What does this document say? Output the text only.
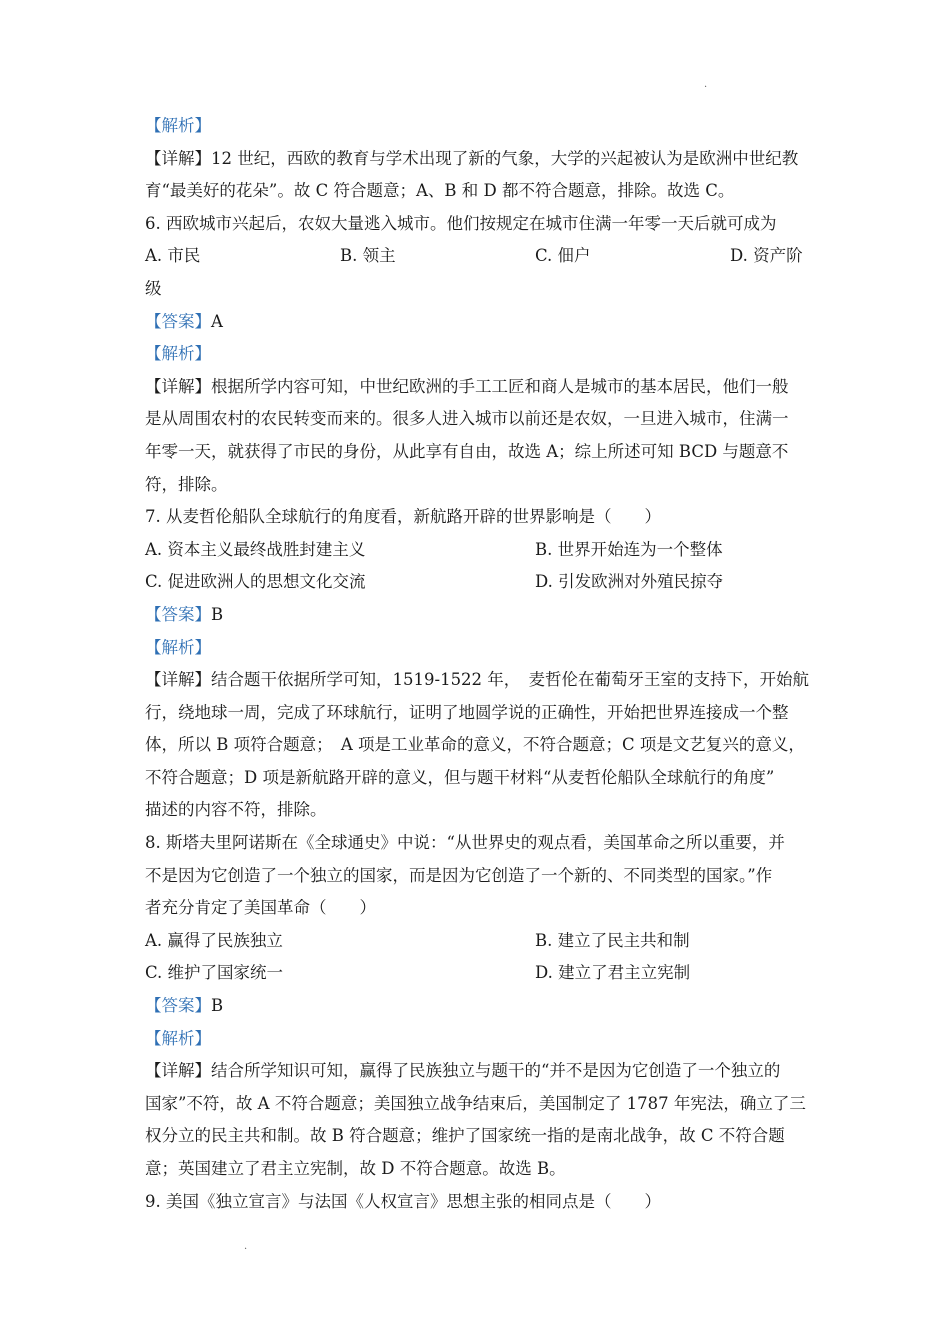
·
·
【解析】
【详解】12 世纪，西欧的教育与学术出现了新的气象，大学的兴起被认为是欧洲中世纪教
育“最美好的花朵”。故 C 符合题意；A、B 和 D 都不符合题意，排除。故选 C。
6. 西欧城市兴起后，农奴大量逃入城市。他们按规定在城市住满一年零一天后就可成为
A. 市民	B. 领主	C. 佃户	D. 资产阶
级
【答案】A
【解析】
【详解】根据所学内容可知，中世纪欧洲的手工工匠和商人是城市的基本居民，他们一般
是从周围农村的农民转变而来的。很多人进入城市以前还是农奴，一旦进入城市，住满一
年零一天，就获得了市民的身份，从此享有自由，故选 A；综上所述可知 BCD 与题意不
符，排除。
7. 从麦哲伦船队全球航行的角度看，新航路开辟的世界影响是（　　）
A. 资本主义最终战胜封建主义	B. 世界开始连为一个整体
C. 促进欧洲人的思想文化交流	D. 引发欧洲对外殖民掠夺
【答案】B
【解析】
【详解】结合题干依据所学可知，1519-1522 年，　麦哲伦在葡萄牙王室的支持下，开始航
行，绕地球一周，完成了环球航行，证明了地圆学说的正确性，开始把世界连接成一个整
体，所以 B 项符合题意；　A 项是工业革命的意义，不符合题意；C 项是文艺复兴的意义，
不符合题意；D 项是新航路开辟的意义，但与题干材料“从麦哲伦船队全球航行的角度”
描述的内容不符，排除。
8. 斯塔夫里阿诺斯在《全球通史》中说：“从世界史的观点看，美国革命之所以重要，并
不是因为它创造了一个独立的国家，而是因为它创造了一个新的、不同类型的国家。”作
者充分肯定了美国革命（　　）
A. 赢得了民族独立	B. 建立了民主共和制
C. 维护了国家统一	D. 建立了君主立宪制
【答案】B
【解析】
【详解】结合所学知识可知，赢得了民族独立与题干的“并不是因为它创造了一个独立的
国家”不符，故 A 不符合题意；美国独立战争结束后，美国制定了 1787 年宪法，确立了三
权分立的民主共和制。故 B 符合题意；维护了国家统一指的是南北战争，故 C 不符合题
意；英国建立了君主立宪制，故 D 不符合题意。故选 B。
9. 美国《独立宣言》与法国《人权宣言》思想主张的相同点是（　　）
